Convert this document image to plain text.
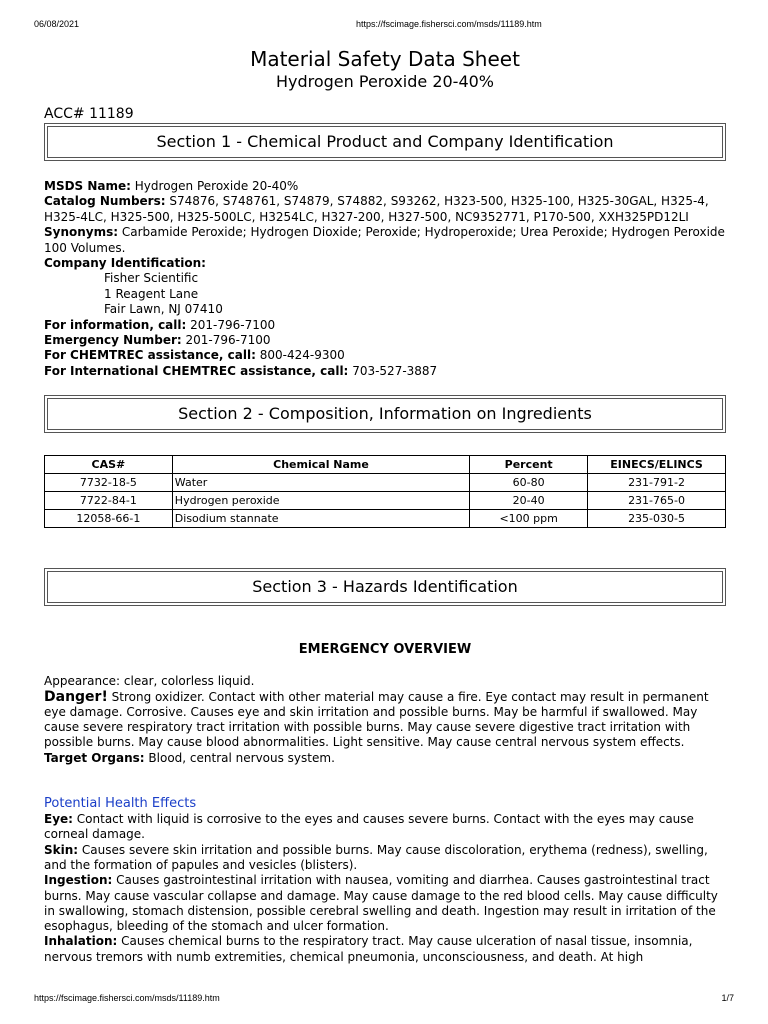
06/08/2021	https://fscimage.fishersci.com/msds/11189.htm
Material Safety Data Sheet
Hydrogen Peroxide 20-40%
ACC# 11189
Section 1 - Chemical Product and Company Identification
MSDS Name: Hydrogen Peroxide 20-40%
Catalog Numbers: S74876, S748761, S74879, S74882, S93262, H323-500, H325-100, H325-30GAL, H325-4, H325-4LC, H325-500, H325-500LC, H3254LC, H327-200, H327-500, NC9352771, P170-500, XXH325PD12LI
Synonyms: Carbamide Peroxide; Hydrogen Dioxide; Peroxide; Hydroperoxide; Urea Peroxide; Hydrogen Peroxide 100 Volumes.
Company Identification:
Fisher Scientific
1 Reagent Lane
Fair Lawn, NJ 07410
For information, call: 201-796-7100
Emergency Number: 201-796-7100
For CHEMTREC assistance, call: 800-424-9300
For International CHEMTREC assistance, call: 703-527-3887
Section 2 - Composition, Information on Ingredients
CAS#	Chemical Name	Percent	EINECS/ELINCS
7732-18-5	Water	60-80	231-791-2
7722-84-1	Hydrogen peroxide	20-40	231-765-0
12058-66-1	Disodium stannate	<100 ppm	235-030-5
Section 3 - Hazards Identification
EMERGENCY OVERVIEW
Appearance: clear, colorless liquid.
Danger! Strong oxidizer. Contact with other material may cause a fire. Eye contact may result in permanent eye damage. Corrosive. Causes eye and skin irritation and possible burns. May be harmful if swallowed. May cause severe respiratory tract irritation with possible burns. May cause severe digestive tract irritation with possible burns. May cause blood abnormalities. Light sensitive. May cause central nervous system effects.
Target Organs: Blood, central nervous system.
Potential Health Effects
Eye: Contact with liquid is corrosive to the eyes and causes severe burns. Contact with the eyes may cause corneal damage.
Skin: Causes severe skin irritation and possible burns. May cause discoloration, erythema (redness), swelling, and the formation of papules and vesicles (blisters).
Ingestion: Causes gastrointestinal irritation with nausea, vomiting and diarrhea. Causes gastrointestinal tract burns. May cause vascular collapse and damage. May cause damage to the red blood cells. May cause difficulty in swallowing, stomach distension, possible cerebral swelling and death. Ingestion may result in irritation of the esophagus, bleeding of the stomach and ulcer formation.
Inhalation: Causes chemical burns to the respiratory tract. May cause ulceration of nasal tissue, insomnia, nervous tremors with numb extremities, chemical pneumonia, unconsciousness, and death. At high
https://fscimage.fishersci.com/msds/11189.htm	1/7
